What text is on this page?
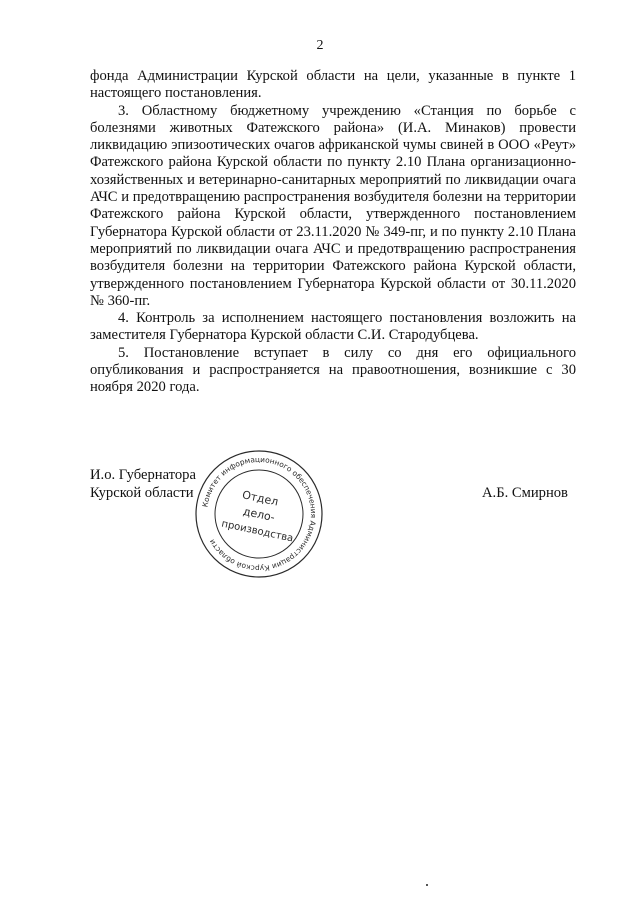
2

фонда Администрации Курской области на цели, указанные в пункте 1 настоящего постановления.

3. Областному бюджетному учреждению «Станция по борьбе с болезнями животных Фатежского района» (И.А. Минаков) провести ликвидацию эпизоотических очагов африканской чумы свиней в ООО «Реут» Фатежского района Курской области по пункту 2.10 Плана организационно-хозяйственных и ветеринарно-санитарных мероприятий по ликвидации очага АЧС и предотвращению распространения возбудителя болезни на территории Фатежского района Курской области, утвержденного постановлением Губернатора Курской области от 23.11.2020 № 349-пг, и по пункту 2.10 Плана мероприятий по ликвидации очага АЧС и предотвращению распространения возбудителя болезни на территории Фатежского района Курской области, утвержденного постановлением Губернатора Курской области от 30.11.2020 № 360-пг.

4. Контроль за исполнением настоящего постановления возложить на заместителя Губернатора Курской области С.И. Стародубцева.

5. Постановление вступает в силу со дня его официального опубликования и распространяется на правоотношения, возникшие с 30 ноября 2020 года.

И.о. Губернатора
Курской области	А.Б. Смирнов
Комитет информационного обеспечения Администрации Курской области
Отдел
дело-
производства
